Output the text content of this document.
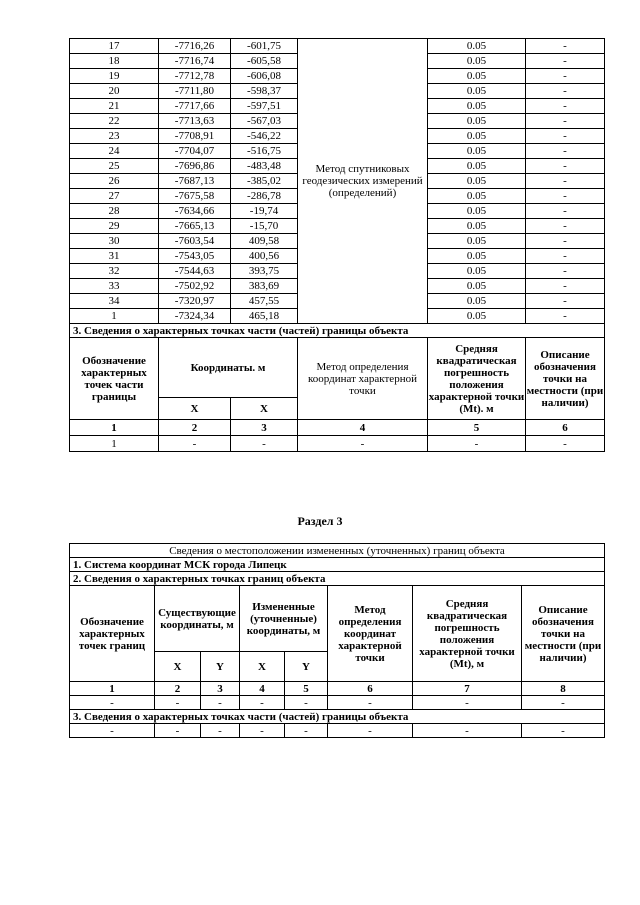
17	-7716,26	-601,75	Метод спутниковых геодезических измерений (определений)	0.05	-
18	-7716,74	-605,58		0.05	-
19	-7712,78	-606,08		0.05	-
20	-7711,80	-598,37		0.05	-
21	-7717,66	-597,51		0.05	-
22	-7713,63	-567,03		0.05	-
23	-7708,91	-546,22		0.05	-
24	-7704,07	-516,75		0.05	-
25	-7696,86	-483,48		0.05	-
26	-7687,13	-385,02		0.05	-
27	-7675,58	-286,78		0.05	-
28	-7634,66	-19,74		0.05	-
29	-7665,13	-15,70		0.05	-
30	-7603,54	409,58		0.05	-
31	-7543,05	400,56		0.05	-
32	-7544,63	393,75		0.05	-
33	-7502,92	383,69		0.05	-
34	-7320,97	457,55		0.05	-
1	-7324,34	465,18		0.05	-
3. Сведения о характерных точках части (частей) границы объекта					
Обозначение характерных точек части границы	Координаты. м		Метод определения координат характерной точки	Средняя квадратическая погрешность положения характерной точки (Mt). м	Описание обозначения точки на местности (при наличии)
	X	X			
1	2	3	4	5	6
1	-	-	-	-	-
Раздел 3
Сведения о местоположении измененных (уточненных) границ объекта							
1. Система координат МСК города Липецк							
2. Сведения о характерных точках границ объекта							
Обозначение характерных точек границ	Существующие координаты, м		Измененные (уточненные) координаты, м		Метод определения координат характерной точки	Средняя квадратическая погрешность положения характерной точки (Mt), м	Описание обозначения точки на местности (при наличии)
	X	Y	X	Y			
1	2	3	4	5	6	7	8
-	-	-	-	-	-	-	-
3. Сведения о характерных точках части (частей) границы объекта							
-	-	-	-	-	-	-	-
